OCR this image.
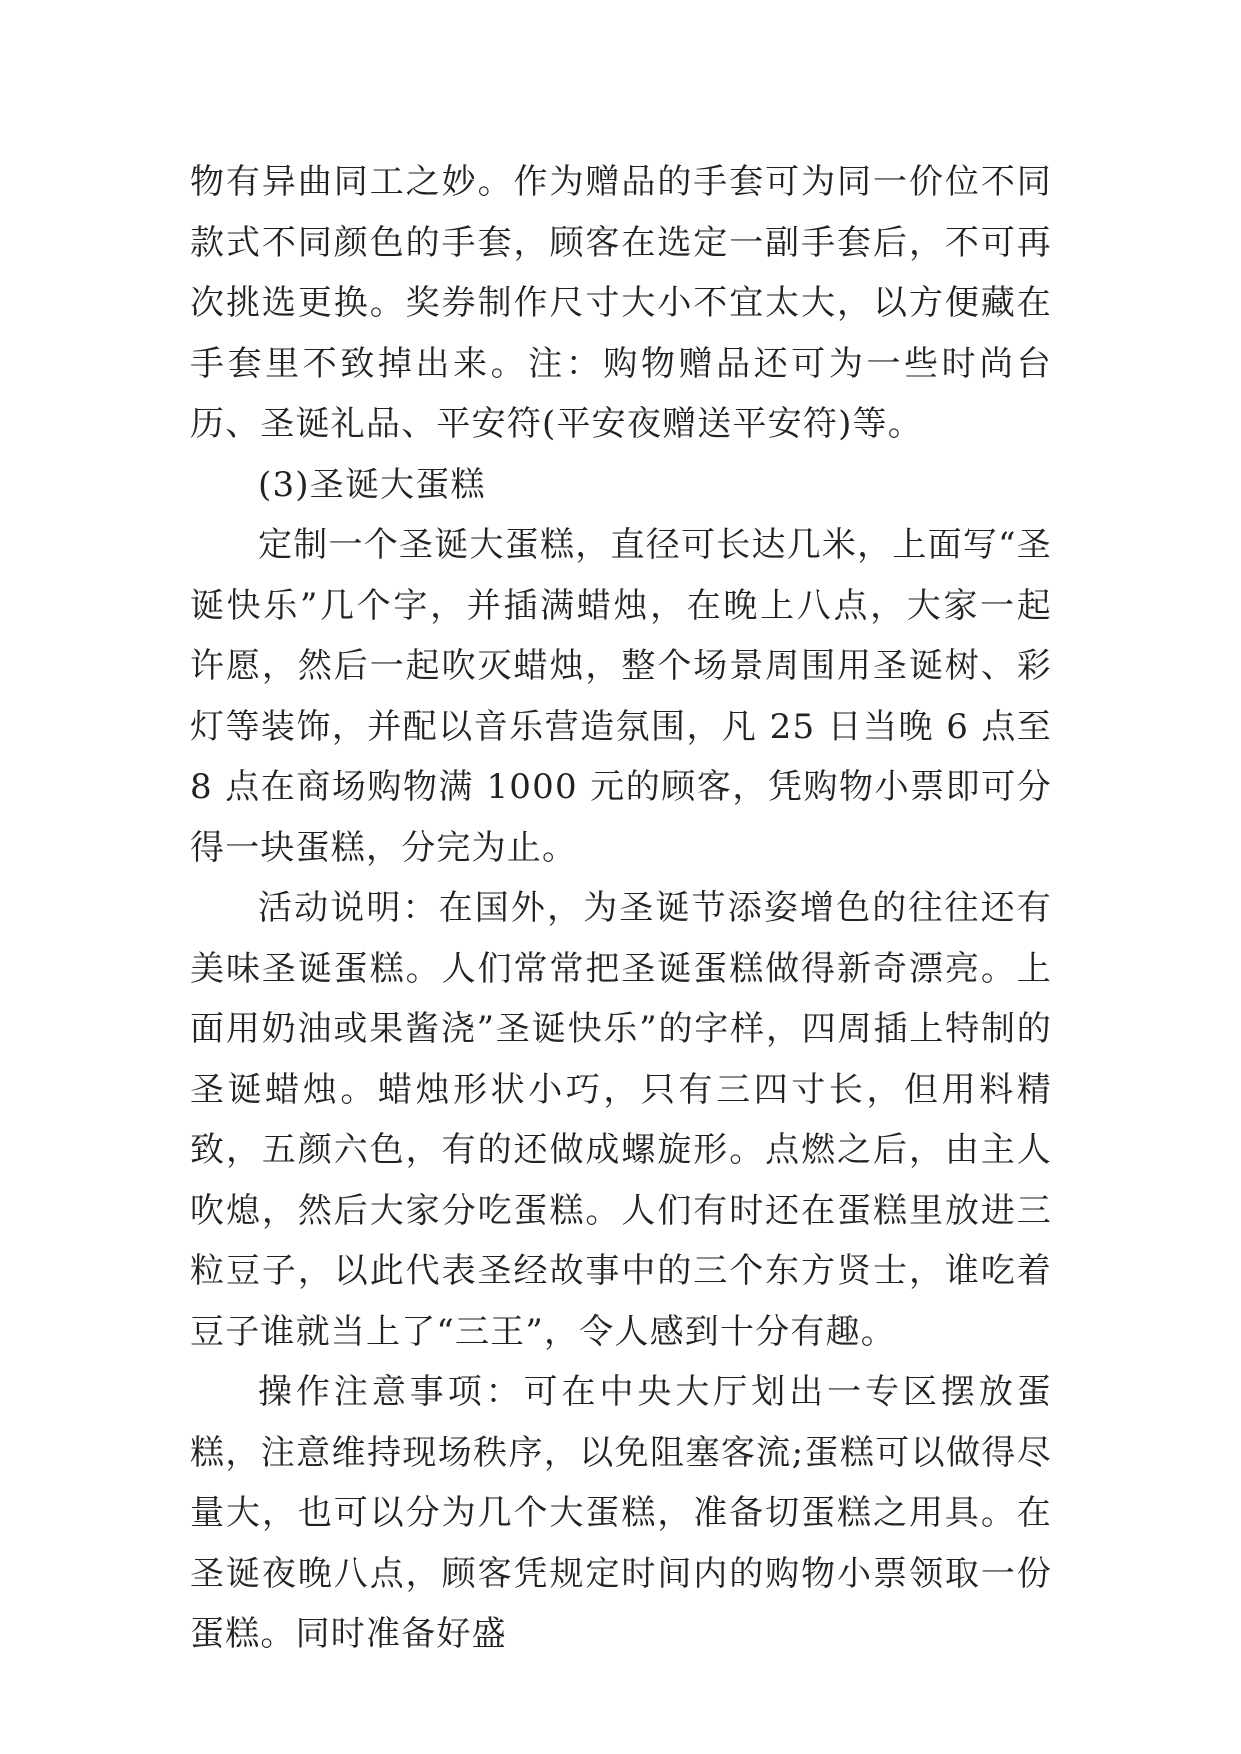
物有异曲同工之妙。作为赠品的手套可为同一价位不同款式不同颜色的手套，顾客在选定一副手套后，不可再次挑选更换。奖券制作尺寸大小不宜太大，以方便藏在手套里不致掉出来。注：购物赠品还可为一些时尚台历、圣诞礼品、平安符(平安夜赠送平安符)等。

(3)圣诞大蛋糕

定制一个圣诞大蛋糕，直径可长达几米，上面写“圣诞快乐”几个字，并插满蜡烛，在晚上八点，大家一起许愿，然后一起吹灭蜡烛，整个场景周围用圣诞树、彩灯等装饰，并配以音乐营造氛围，凡 25 日当晚 6 点至 8 点在商场购物满 1000 元的顾客，凭购物小票即可分得一块蛋糕，分完为止。

活动说明：在国外，为圣诞节添姿增色的往往还有美味圣诞蛋糕。人们常常把圣诞蛋糕做得新奇漂亮。上面用奶油或果酱浇”圣诞快乐”的字样，四周插上特制的圣诞蜡烛。蜡烛形状小巧，只有三四寸长，但用料精致，五颜六色，有的还做成螺旋形。点燃之后，由主人吹熄，然后大家分吃蛋糕。人们有时还在蛋糕里放进三粒豆子，以此代表圣经故事中的三个东方贤士，谁吃着豆子谁就当上了“三王”，令人感到十分有趣。

操作注意事项：可在中央大厅划出一专区摆放蛋糕，注意维持现场秩序，以免阻塞客流;蛋糕可以做得尽量大，也可以分为几个大蛋糕，准备切蛋糕之用具。在圣诞夜晚八点，顾客凭规定时间内的购物小票领取一份蛋糕。同时准备好盛
